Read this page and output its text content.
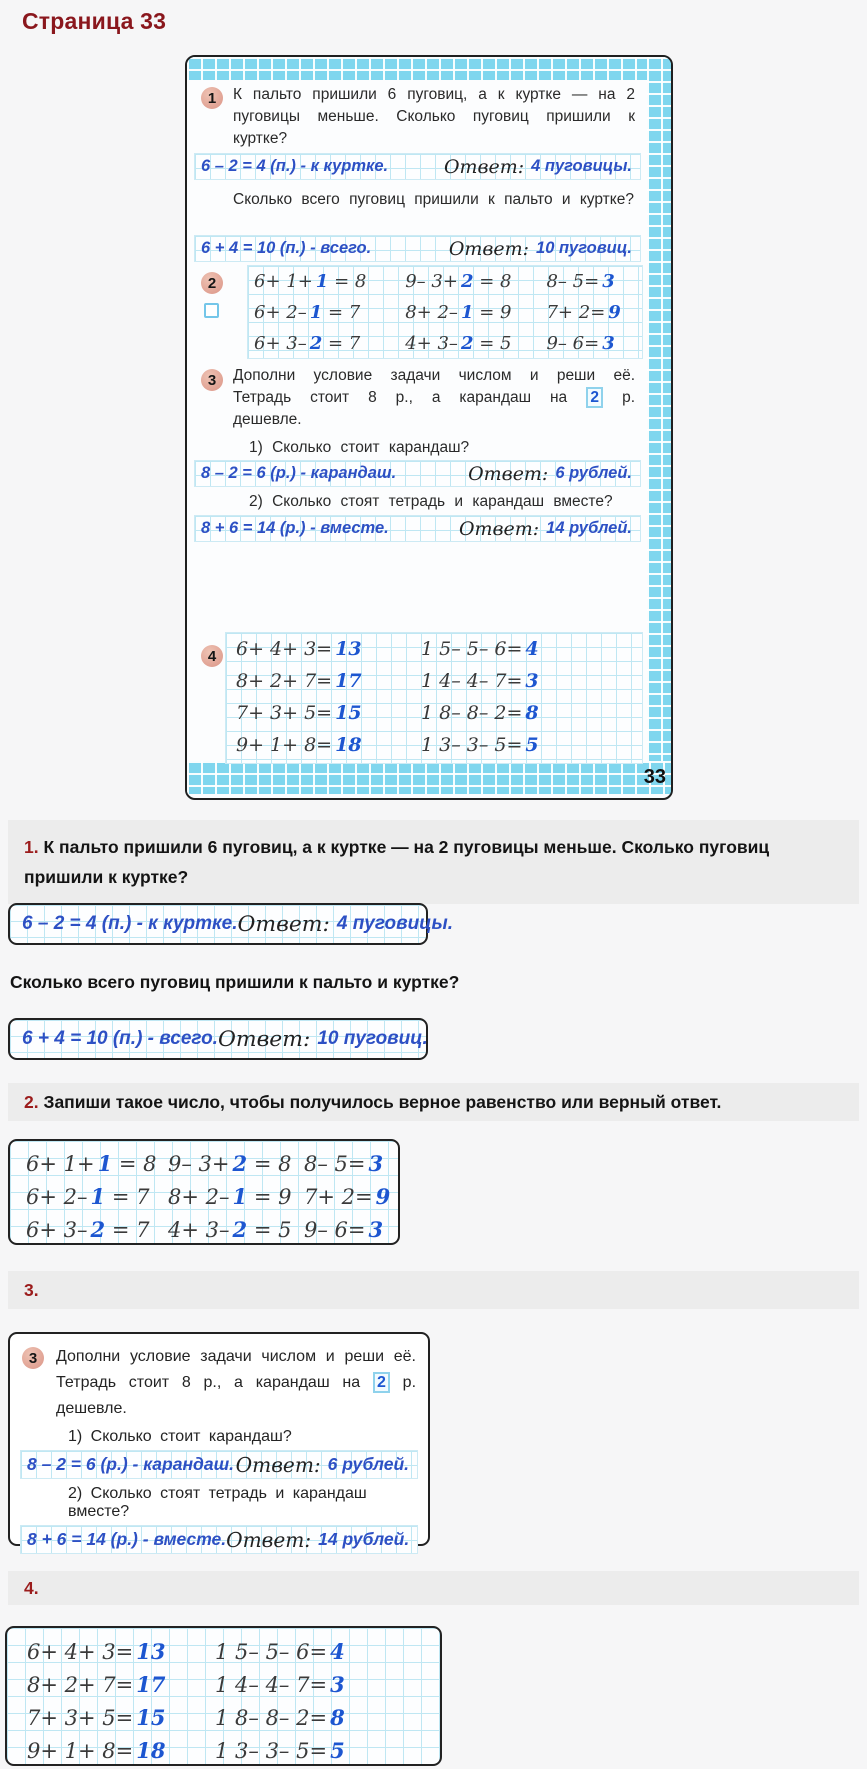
Страница 33
33
1	К пальто пришили 6 пуговиц, а к куртке — на 2 пуговицы меньше. Сколько пуговиц пришили к куртке?
6 – 2 = 4 (п.) - к куртке.	Ответ: 4 пуговицы.
Сколько всего пуговиц пришили к пальто и куртке?
6 + 4 = 10 (п.) - всего.	Ответ: 10 пуговиц.
2	6+ 1+ 1 = 8	9– 3+ 2 = 8	8– 5= 3
6+ 2– 1 = 7	8+ 2– 1 = 9	7+ 2= 9
6+ 3– 2 = 7	4+ 3– 2 = 5	9– 6= 3
3	Дополни условие задачи числом и реши её. Тетрадь стоит 8 р., а карандаш на 2 р. дешевле.
1) Сколько стоит карандаш?
8 – 2 = 6 (р.) - карандаш.	Ответ: 6 рублей.
2) Сколько стоят тетрадь и карандаш вместе?
8 + 6 = 14 (р.) - вместе.	Ответ: 14 рублей.
4	6+ 4+ 3= 13	1 5– 5– 6= 4
8+ 2+ 7= 17	1 4– 4– 7= 3
7+ 3+ 5= 15	1 8– 8– 2= 8
9+ 1+ 8= 18	1 3– 3– 5= 5
1. К пальто пришили 6 пуговиц, а к куртке — на 2 пуговицы меньше. Сколько пуговиц пришили к куртке?
6 – 2 = 4 (п.) - к куртке. Ответ: 4 пуговицы.
Сколько всего пуговиц пришили к пальто и куртке?
6 + 4 = 10 (п.) - всего. Ответ: 10 пуговиц.
2. Запиши такое число, чтобы получилось верное равенство или верный ответ.
6+ 1+ 1 = 8 9– 3+ 2 = 8 8– 5= 3
6+ 2– 1 = 7 8+ 2– 1 = 9 7+ 2= 9
6+ 3– 2 = 7 4+ 3– 2 = 5 9– 6= 3
3.
3	Дополни условие задачи числом и реши её. Тетрадь стоит 8 р., а карандаш на 2 р. дешевле.
1) Сколько стоит карандаш?
8 – 2 = 6 (р.) - карандаш. Ответ: 6 рублей.
2) Сколько стоят тетрадь и карандаш вместе?
8 + 6 = 14 (р.) - вместе. Ответ: 14 рублей.
4.
6+ 4+ 3= 13	1 5– 5– 6= 4
8+ 2+ 7= 17	1 4– 4– 7= 3
7+ 3+ 5= 15	1 8– 8– 2= 8
9+ 1+ 8= 18	1 3– 3– 5= 5
